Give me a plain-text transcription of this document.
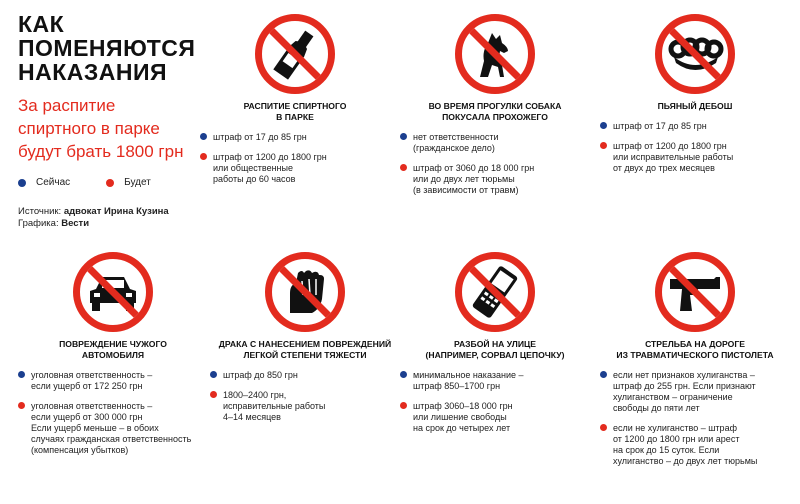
КАК ПОМЕНЯЮТСЯ
НАКАЗАНИЯ
За распитие
спиртного в парке
будут брать 1800 грн
Сейчас	Будет
Источник: адвокат Ирина Кузина
Графика: Вести
РАСПИТИЕ СПИРТНОГО
В ПАРКЕ
штраф от 17 до 85 грн
штраф от 1200 до 1800 грн
или общественные
работы до 60 часов
ВО ВРЕМЯ ПРОГУЛКИ СОБАКА
ПОКУСАЛА ПРОХОЖЕГО
нет ответственности
(гражданское дело)
штраф от 3060 до 18 000 грн
или до двух лет тюрьмы
(в зависимости от травм)
ПЬЯНЫЙ ДЕБОШ
штраф от 17 до 85 грн
штраф от 1200 до 1800 грн
или исправительные работы
от двух до трех месяцев
ПОВРЕЖДЕНИЕ ЧУЖОГО
АВТОМОБИЛЯ
уголовная ответственность –
если ущерб от 172 250 грн
уголовная ответственность –
если ущерб от 300 000 грн
Если ущерб меньше – в обоих
случаях гражданская ответственность
(компенсация убытков)
ДРАКА С НАНЕСЕНИЕМ ПОВРЕЖДЕНИЙ
ЛЕГКОЙ СТЕПЕНИ ТЯЖЕСТИ
штраф до 850 грн
1800–2400 грн,
исправительные работы
4–14 месяцев
РАЗБОЙ НА УЛИЦЕ
(НАПРИМЕР, СОРВАЛ ЦЕПОЧКУ)
минимальное наказание –
штраф 850–1700 грн
штраф 3060–18 000 грн
или лишение свободы
на срок до четырех лет
СТРЕЛЬБА НА ДОРОГЕ
ИЗ ТРАВМАТИЧЕСКОГО ПИСТОЛЕТА
если нет признаков хулиганства –
штраф до 255 грн. Если признают
хулиганством – ограничение
свободы до пяти лет
если не хулиганство – штраф
от 1200 до 1800 грн или арест
на срок до 15 суток. Если
хулиганство – до двух лет тюрьмы
